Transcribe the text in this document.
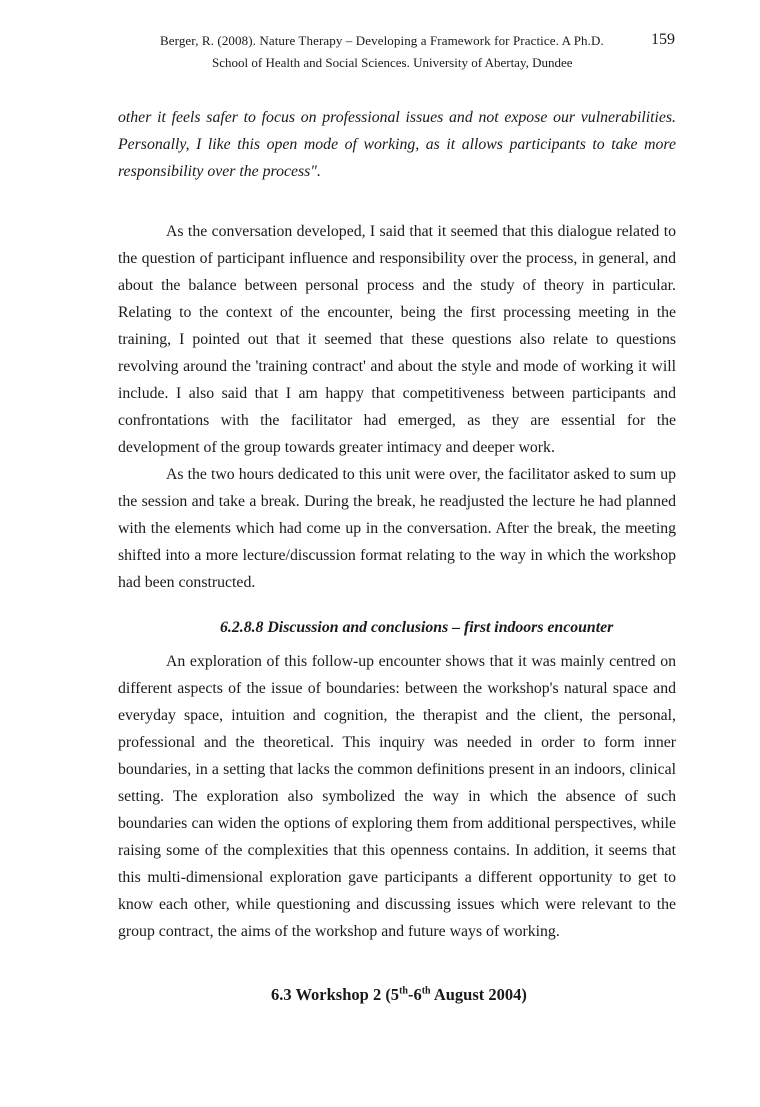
Berger, R. (2008). Nature Therapy – Developing a Framework for Practice. A Ph.D.	159
School of Health and Social Sciences. University of Abertay, Dundee

other it feels safer to focus on professional issues and not expose our vulnerabilities. Personally, I like this open mode of working, as it allows participants to take more responsibility over the process".

As the conversation developed, I said that it seemed that this dialogue related to the question of participant influence and responsibility over the process, in general, and about the balance between personal process and the study of theory in particular. Relating to the context of the encounter, being the first processing meeting in the training, I pointed out that it seemed that these questions also relate to questions revolving around the 'training contract' and about the style and mode of working it will include. I also said that I am happy that competitiveness between participants and confrontations with the facilitator had emerged, as they are essential for the development of the group towards greater intimacy and deeper work.

As the two hours dedicated to this unit were over, the facilitator asked to sum up the session and take a break. During the break, he readjusted the lecture he had planned with the elements which had come up in the conversation. After the break, the meeting shifted into a more lecture/discussion format relating to the way in which the workshop had been constructed.

6.2.8.8 Discussion and conclusions – first indoors encounter

An exploration of this follow-up encounter shows that it was mainly centred on different aspects of the issue of boundaries: between the workshop's natural space and everyday space, intuition and cognition, the therapist and the client, the personal, professional and the theoretical. This inquiry was needed in order to form inner boundaries, in a setting that lacks the common definitions present in an indoors, clinical setting. The exploration also symbolized the way in which the absence of such boundaries can widen the options of exploring them from additional perspectives, while raising some of the complexities that this openness contains. In addition, it seems that this multi-dimensional exploration gave participants a different opportunity to get to know each other, while questioning and discussing issues which were relevant to the group contract, the aims of the workshop and future ways of working.

6.3 Workshop 2 (5th-6th August 2004)
